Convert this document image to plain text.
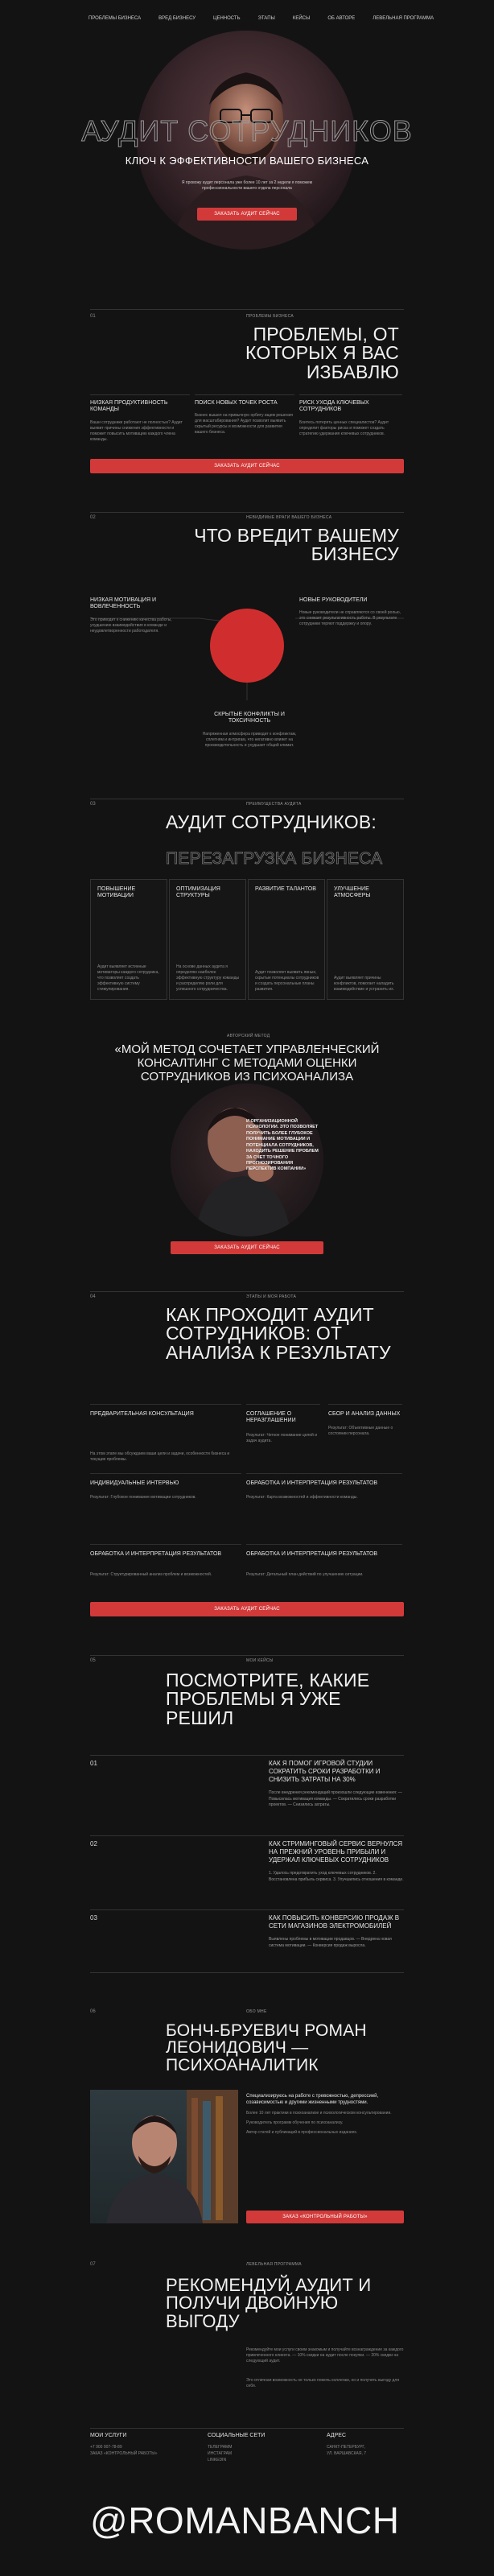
ПРОБЛЕМЫ БИЗНЕСА	ВРЕД БИЗНЕСУ	ЦЕННОСТЬ	ЭТАПЫ	КЕЙСЫ	ОБ АВТОРЕ	ЛЕВЕЛЬНАЯ ПРОГРАММА
АУДИТ СОТРУДНИКОВ
КЛЮЧ К ЭФФЕКТИВНОСТИ ВАШЕГО БИЗНЕСА
Я провожу аудит персонала уже более 10 лет за 2 недели я поможем профессиональности вашего отдела персонала
ЗАКАЗАТЬ АУДИТ СЕЙЧАС
01	ПРОБЛЕМЫ БИЗНЕСА
ПРОБЛЕМЫ, ОТ КОТОРЫХ Я ВАС ИЗБАВЛЮ
НИЗКАЯ ПРОДУКТИВНОСТЬ КОМАНДЫ
Ваши сотрудники работают не полностью? Аудит выявит причины снижения эффективности и поможет повысить мотивацию каждого члена команды.
ПОИСК НОВЫХ ТОЧЕК РОСТА
Бизнес вышел на привычную орбиту ищем решения для масштабирования? Аудит позволит выявить скрытый ресурсы и возможности для развития вашего бизнеса.
РИСК УХОДА КЛЮЧЕВЫХ СОТРУДНИКОВ
Боитесь потерять ценных специалистов? Аудит определит факторы риска и поможет создать стратегию удержания ключевых сотрудников.
ЗАКАЗАТЬ АУДИТ СЕЙЧАС
02	НЕВИДИМЫЕ ВРАГИ ВАШЕГО БИЗНЕСА
ЧТО ВРЕДИТ ВАШЕМУ БИЗНЕСУ
НИЗКАЯ МОТИВАЦИЯ И ВОВЛЕЧЕННОСТЬ
Это приводит к снижению качества работы, ухудшению взаимодействия в команде и неудовлетворенности работодателя.
НОВЫЕ РУКОВОДИТЕЛИ
Новые руководители не справляются со своей ролью, это снижает результативность работы. В результате сотрудники теряют поддержку и опору.
СКРЫТЫЕ КОНФЛИКТЫ И ТОКСИЧНОСТЬ
Напряженная атмосфера приводит к конфликтам, сплетням и интригам, что негативно влияет на производительность и ухудшает общий климат.
03	ПРЕИМУЩЕСТВА АУДИТА
АУДИТ СОТРУДНИКОВ:
ПЕРЕЗАГРУЗКА БИЗНЕСА
ПОВЫШЕНИЕ МОТИВАЦИИ
Аудит выявляет истинные мотиваторы каждого сотрудника, что позволяет создать эффективную систему стимулирования.
ОПТИМИЗАЦИЯ СТРУКТУРЫ
На основе данных аудита я определяю наиболее эффективную структуру команды и распределяю роли для успешного сотрудничества.
РАЗВИТИЕ ТАЛАНТОВ
Аудит позволяет выявить явные, скрытые потенциалы сотрудников и создать персональные планы развития.
УЛУЧШЕНИЕ АТМОСФЕРЫ
Аудит выявляет причины конфликтов, помогает наладить взаимодействие и устранить их.
АВТОРСКИЙ МЕТОД
«МОЙ МЕТОД СОЧЕТАЕТ УПРАВЛЕНЧЕСКИЙ КОНСАЛТИНГ С МЕТОДАМИ ОЦЕНКИ СОТРУДНИКОВ ИЗ ПСИХОАНАЛИЗА
И ОРГАНИЗАЦИОННОЙ ПСИХОЛОГИИ. ЭТО ПОЗВОЛЯЕТ ПОЛУЧИТЬ БОЛЕЕ ГЛУБОКОЕ ПОНИМАНИЕ МОТИВАЦИИ И ПОТЕНЦИАЛА СОТРУДНИКОВ, НАХОДИТЬ РЕШЕНИЕ ПРОБЛЕМ ЗА СЧЕТ ТОЧНОГО ПРОГНОЗИРОВАНИЯ ПЕРСПЕКТИВ КОМПАНИИ»
ЗАКАЗАТЬ АУДИТ СЕЙЧАС
04	ЭТАПЫ И МОЯ РАБОТА
КАК ПРОХОДИТ АУДИТ СОТРУДНИКОВ: ОТ АНАЛИЗА К РЕЗУЛЬТАТУ
ПРЕДВАРИТЕЛЬНАЯ КОНСУЛЬТАЦИЯ
На этом этапе мы обсуждаем ваши цели и задачи, особенности бизнеса и текущие проблемы.
СОГЛАШЕНИЕ О НЕРАЗГЛАШЕНИИ
Результат: Четкое понимание целей и задач аудита.
СБОР И АНАЛИЗ ДАННЫХ
Результат: Объективные данные о состоянии персонала.
ИНДИВИДУАЛЬНЫЕ ИНТЕРВЬЮ
Результат: Глубокое понимание мотивации сотрудников.
ОБРАБОТКА И ИНТЕРПРЕТАЦИЯ РЕЗУЛЬТАТОВ
Результат: Карта возможностей и эффективности команды.
ОБРАБОТКА И ИНТЕРПРЕТАЦИЯ РЕЗУЛЬТАТОВ
Результат: Структурированный анализ проблем и возможностей.
ОБРАБОТКА И ИНТЕРПРЕТАЦИЯ РЕЗУЛЬТАТОВ
Результат: Детальный план действий по улучшению ситуации.
ЗАКАЗАТЬ АУДИТ СЕЙЧАС
05	МОИ КЕЙСЫ
ПОСМОТРИТЕ, КАКИЕ ПРОБЛЕМЫ Я УЖЕ РЕШИЛ
01	КАК Я ПОМОГ ИГРОВОЙ СТУДИИ СОКРАТИТЬ СРОКИ РАЗРАБОТКИ И СНИЗИТЬ ЗАТРАТЫ НА 30%
После внедрения рекомендаций произошли следующие изменения: — Повысилась мотивация команды. — Сократились сроки разработки проектов. — Снизились затраты.
02	КАК СТРИМИНГОВЫЙ СЕРВИС ВЕРНУЛСЯ НА ПРЕЖНИЙ УРОВЕНЬ ПРИБЫЛИ И УДЕРЖАЛ КЛЮЧЕВЫХ СОТРУДНИКОВ
1. Удалось предотвратить уход ключевых сотрудников. 2. Восстановлена прибыль сервиса. 3. Улучшились отношения в команде.
03	КАК ПОВЫСИТЬ КОНВЕРСИЮ ПРОДАЖ В СЕТИ МАГАЗИНОВ ЭЛЕКТРОМОБИЛЕЙ
Выявлены проблемы в мотивации продавцов. — Внедрена новая система мотивации. — Конверсия продаж выросла.
06	ОБО МНЕ
БОНЧ-БРУЕВИЧ РОМАН ЛЕОНИДОВИЧ — ПСИХОАНАЛИТИК
Специализируюсь на работе с тревожностью, депрессией, созависимостью и другими жизненными трудностями.
Более 10 лет практики в психоанализе и психологическом консультировании.
Руководитель программ обучения по психоанализу.
Автор статей и публикаций в профессиональных изданиях.
ЗАКАЗ «КОНТРОЛЬНЫЙ РАБОТЫ»
07	ЛЕВЕЛЬНАЯ ПРОГРАММА
РЕКОМЕНДУЙ АУДИТ И ПОЛУЧИ ДВОЙНУЮ ВЫГОДУ
Рекомендуйте мои услуги своим знакомым и получайте вознаграждение за каждого привлеченного клиента. — 10% скидки на аудит после покупки. — 20% скидки на следующий аудит.
Это отличная возможность не только помочь коллегам, но и получить выгоду для себя.
МОИ УСЛУГИ
+7 900 007-78-89
ЗАКАЗ «КОНТРОЛЬНЫЙ РАБОТЫ»
СОЦИАЛЬНЫЕ СЕТИ
ТЕЛЕГРАММ
ИНСТАГРАМ
LINKEDIN
АДРЕС
САНКТ-ПЕТЕРБУРГ,
УЛ. ВАРШАВСКАЯ, 7
@ROMANBANCH
